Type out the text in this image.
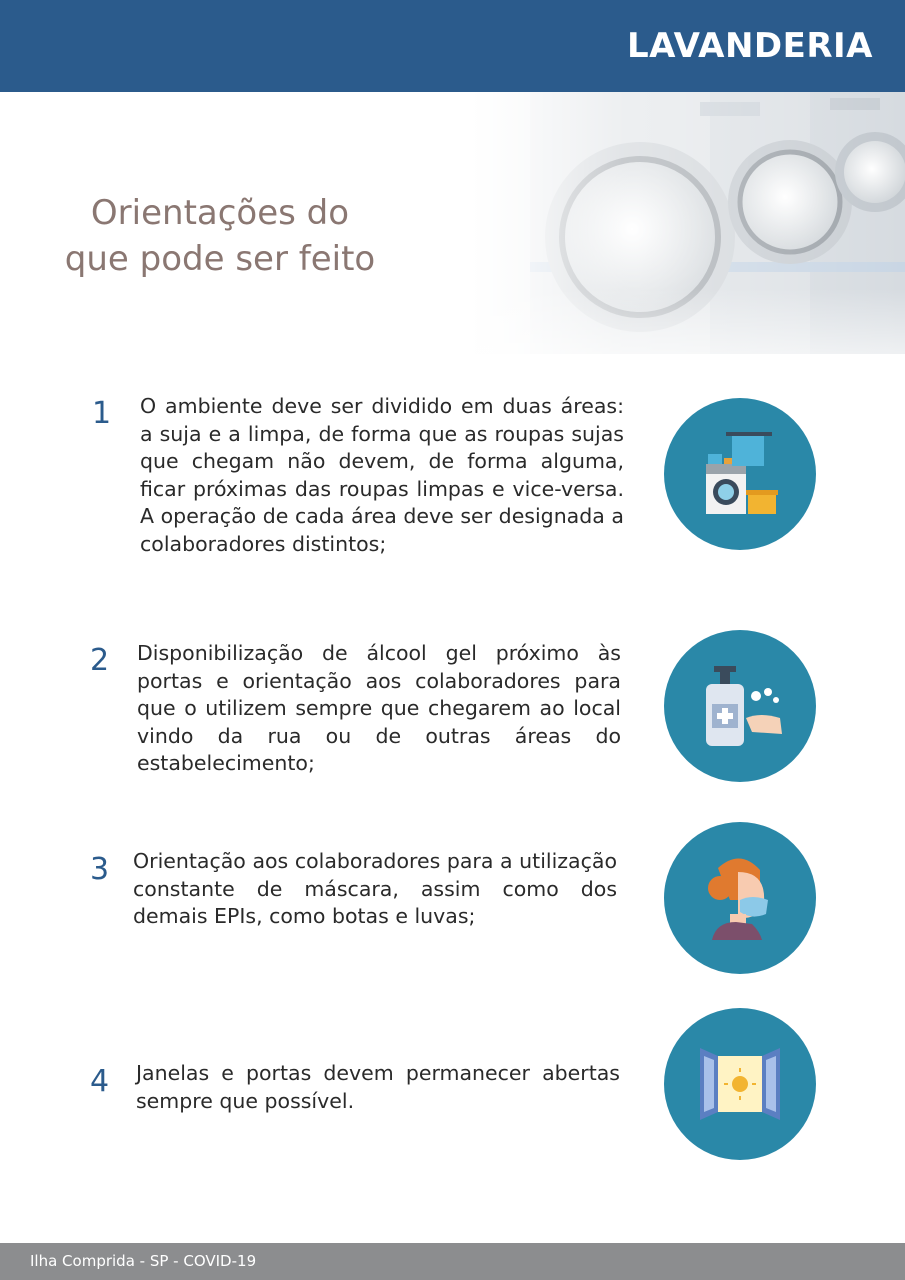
LAVANDERIA
Orientações do
que pode ser feito
1 O ambiente deve ser dividido em duas áreas: a suja e a limpa, de forma que as roupas sujas que chegam não devem, de forma alguma, ficar próximas das roupas limpas e vice-versa. A operação de cada área deve ser designada a colaboradores distintos;
2 Disponibilização de álcool gel próximo às portas e orientação aos colaboradores para que o utilizem sempre que chegarem ao local vindo da rua ou de outras áreas do estabelecimento;
3 Orientação aos colaboradores para a utilização constante de máscara, assim como dos demais EPIs, como botas e luvas;
4 Janelas e portas devem permanecer abertas sempre que possível.
Ilha Comprida - SP - COVID-19
